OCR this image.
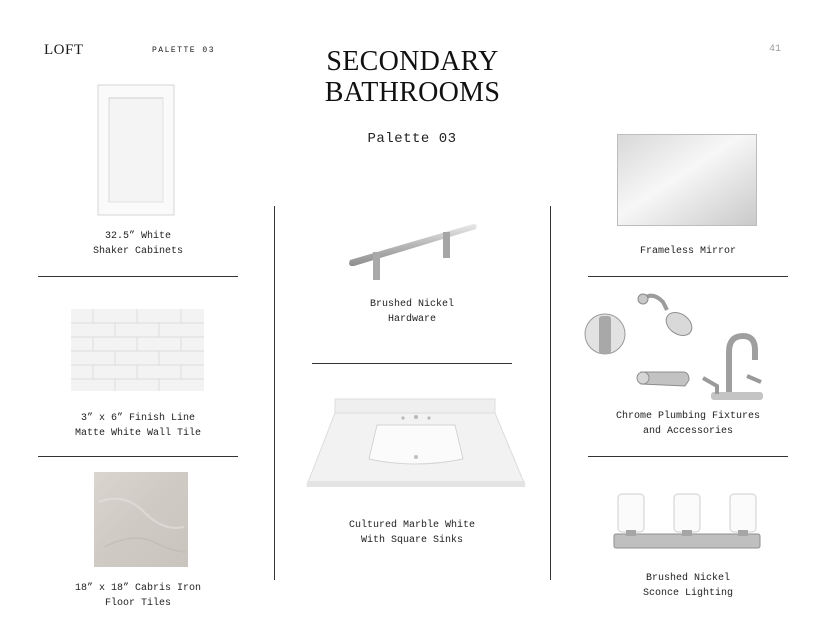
LOFT	PALETTE 03	41
SECONDARY
BATHROOMS
Palette 03
32.5” White
Shaker Cabinets
3” x 6” Finish Line
Matte White Wall Tile
18” x 18” Cabris Iron
Floor Tiles
Brushed Nickel
Hardware
Cultured Marble White
With Square Sinks
Frameless Mirror
Chrome Plumbing Fixtures
and Accessories
Brushed Nickel
Sconce Lighting
